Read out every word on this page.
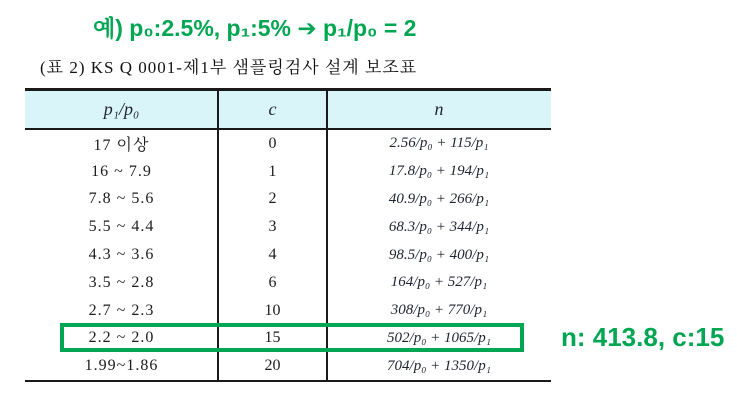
예) p₀:2.5%, p₁:5% ➔ p₁/p₀ = 2
(표 2) KS Q 0001-제1부 샘플링검사 설계 보조표
p₁/p₀	c	n
17 이상	0	2.56/p₀ + 115/p₁
16 ~ 7.9	1	17.8/p₀ + 194/p₁
7.8 ~ 5.6	2	40.9/p₀ + 266/p₁
5.5 ~ 4.4	3	68.3/p₀ + 344/p₁
4.3 ~ 3.6	4	98.5/p₀ + 400/p₁
3.5 ~ 2.8	6	164/p₀ + 527/p₁
2.7 ~ 2.3	10	308/p₀ + 770/p₁
2.2 ~ 2.0	15	502/p₀ + 1065/p₁
1.99~1.86	20	704/p₀ + 1350/p₁
n: 413.8, c:15
